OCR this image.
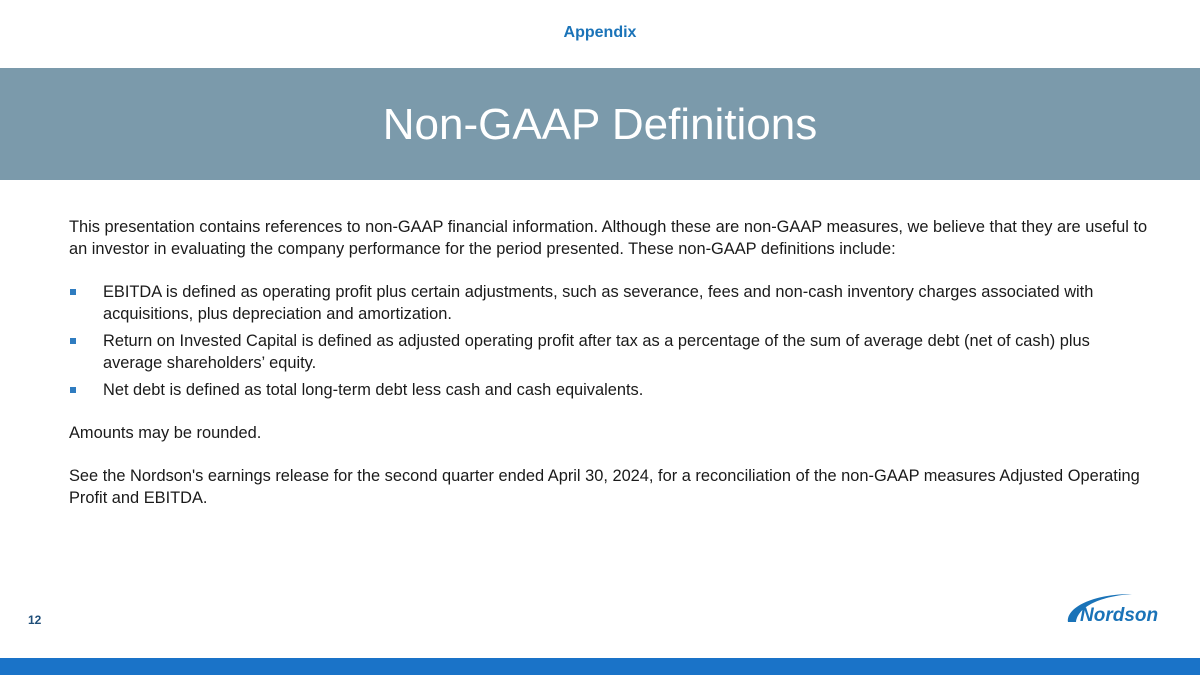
Appendix
Non-GAAP Definitions

This presentation contains references to non-GAAP financial information. Although these are non-GAAP measures, we believe that they are useful to an investor in evaluating the company performance for the period presented. These non-GAAP definitions include:

EBITDA is defined as operating profit plus certain adjustments, such as severance, fees and non-cash inventory charges associated with acquisitions, plus depreciation and amortization.
Return on Invested Capital is defined as adjusted operating profit after tax as a percentage of the sum of average debt (net of cash) plus average shareholders’ equity.
Net debt is defined as total long-term debt less cash and cash equivalents.

Amounts may be rounded.

See the Nordson's earnings release for the second quarter ended April 30, 2024, for a reconciliation of the non-GAAP measures Adjusted Operating Profit and EBITDA.

12	Nordson
